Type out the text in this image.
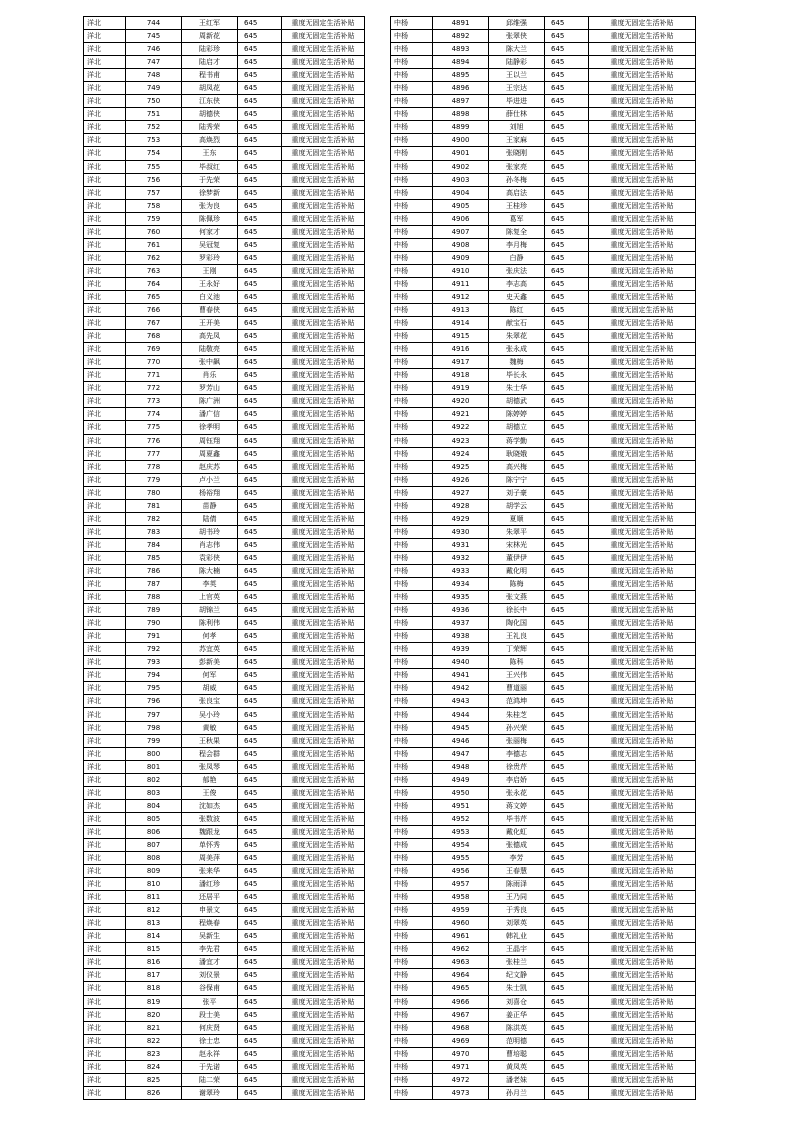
洋北	744	王红军	645	重度无固定生活补贴
洋北	745	周新花	645	重度无固定生活补贴
洋北	746	陆彩珍	645	重度无固定生活补贴
洋北	747	陆启才	645	重度无固定生活补贴
洋北	748	程书甫	645	重度无固定生活补贴
洋北	749	胡凤花	645	重度无固定生活补贴
洋北	750	江东侠	645	重度无固定生活补贴
洋北	751	胡德侠	645	重度无固定生活补贴
洋北	752	陆秀荣	645	重度无固定生活补贴
洋北	753	高焕烈	645	重度无固定生活补贴
洋北	754	王东	645	重度无固定生活补贴
洋北	755	毕叔红	645	重度无固定生活补贴
洋北	756	于先荣	645	重度无固定生活补贴
洋北	757	徐梦新	645	重度无固定生活补贴
洋北	758	张为良	645	重度无固定生活补贴
洋北	759	陈佩珍	645	重度无固定生活补贴
洋北	760	何家才	645	重度无固定生活补贴
洋北	761	吴冠复	645	重度无固定生活补贴
洋北	762	罗彩玲	645	重度无固定生活补贴
洋北	763	王刚	645	重度无固定生活补贴
洋北	764	王永好	645	重度无固定生活补贴
洋北	765	白义池	645	重度无固定生活补贴
洋北	766	曹春侠	645	重度无固定生活补贴
洋北	767	王开美	645	重度无固定生活补贴
洋北	768	高先凤	645	重度无固定生活补贴
洋北	769	陆敬亮	645	重度无固定生活补贴
洋北	770	张中飙	645	重度无固定生活补贴
洋北	771	肖乐	645	重度无固定生活补贴
洋北	772	罗芳山	645	重度无固定生活补贴
洋北	773	陈广洲	645	重度无固定生活补贴
洋北	774	潘广信	645	重度无固定生活补贴
洋北	775	徐孝明	645	重度无固定生活补贴
洋北	776	周钰翔	645	重度无固定生活补贴
洋北	777	周夏鑫	645	重度无固定生活补贴
洋北	778	赵庆苏	645	重度无固定生活补贴
洋北	779	卢小兰	645	重度无固定生活补贴
洋北	780	杨裕翔	645	重度无固定生活补贴
洋北	781	苗静	645	重度无固定生活补贴
洋北	782	陆倩	645	重度无固定生活补贴
洋北	783	胡书玲	645	重度无固定生活补贴
洋北	784	肖志伟	645	重度无固定生活补贴
洋北	785	袁彩侠	645	重度无固定生活补贴
洋北	786	陈大楠	645	重度无固定生活补贴
洋北	787	李英	645	重度无固定生活补贴
洋北	788	上官英	645	重度无固定生活补贴
洋北	789	胡锦兰	645	重度无固定生活补贴
洋北	790	陈利伟	645	重度无固定生活补贴
洋北	791	何孝	645	重度无固定生活补贴
洋北	792	苏宜英	645	重度无固定生活补贴
洋北	793	彭新美	645	重度无固定生活补贴
洋北	794	何军	645	重度无固定生活补贴
洋北	795	胡威	645	重度无固定生活补贴
洋北	796	张良宝	645	重度无固定生活补贴
洋北	797	吴小玲	645	重度无固定生活补贴
洋北	798	黄敏	645	重度无固定生活补贴
洋北	799	王秋果	645	重度无固定生活补贴
洋北	800	程会群	645	重度无固定生活补贴
洋北	801	张凤琴	645	重度无固定生活补贴
洋北	802	郁艳	645	重度无固定生活补贴
洋北	803	王俊	645	重度无固定生活补贴
洋北	804	沈如杰	645	重度无固定生活补贴
洋北	805	张数波	645	重度无固定生活补贴
洋北	806	魏跟龙	645	重度无固定生活补贴
洋北	807	单怀秀	645	重度无固定生活补贴
洋北	808	周美萍	645	重度无固定生活补贴
洋北	809	张来华	645	重度无固定生活补贴
洋北	810	潘红珍	645	重度无固定生活补贴
洋北	811	还居平	645	重度无固定生活补贴
洋北	812	申景文	645	重度无固定生活补贴
洋北	813	程焕春	645	重度无固定生活补贴
洋北	814	吴新生	645	重度无固定生活补贴
洋北	815	李先君	645	重度无固定生活补贴
洋北	816	潘宜才	645	重度无固定生活补贴
洋北	817	刘仪景	645	重度无固定生活补贴
洋北	818	谷保甫	645	重度无固定生活补贴
洋北	819	张平	645	重度无固定生活补贴
洋北	820	段士美	645	重度无固定生活补贴
洋北	821	何庆贤	645	重度无固定生活补贴
洋北	822	徐士忠	645	重度无固定生活补贴
洋北	823	赵永祥	645	重度无固定生活补贴
洋北	824	于先诺	645	重度无固定生活补贴
洋北	825	陆二荣	645	重度无固定生活补贴
洋北	826	谢翠玲	645	重度无固定生活补贴
中杨	4891	邱维强	645	重度无固定生活补贴
中杨	4892	张翠侠	645	重度无固定生活补贴
中杨	4893	陈大兰	645	重度无固定生活补贴
中杨	4894	陆静彩	645	重度无固定生活补贴
中杨	4895	王以兰	645	重度无固定生活补贴
中杨	4896	王宗达	645	重度无固定生活补贴
中杨	4897	毕进进	645	重度无固定生活补贴
中杨	4898	薛仕林	645	重度无固定生活补贴
中杨	4899	刘旭	645	重度无固定生活补贴
中杨	4900	王家麻	645	重度无固定生活补贴
中杨	4901	张晓刚	645	重度无固定生活补贴
中杨	4902	张家亮	645	重度无固定生活补贴
中杨	4903	孙冬梅	645	重度无固定生活补贴
中杨	4904	高启法	645	重度无固定生活补贴
中杨	4905	王桂珍	645	重度无固定生活补贴
中杨	4906	葛军	645	重度无固定生活补贴
中杨	4907	陈复全	645	重度无固定生活补贴
中杨	4908	李月梅	645	重度无固定生活补贴
中杨	4909	白静	645	重度无固定生活补贴
中杨	4910	张庆法	645	重度无固定生活补贴
中杨	4911	李志高	645	重度无固定生活补贴
中杨	4912	史天鑫	645	重度无固定生活补贴
中杨	4913	陈红	645	重度无固定生活补贴
中杨	4914	献宝石	645	重度无固定生活补贴
中杨	4915	朱翠花	645	重度无固定生活补贴
中杨	4916	张永成	645	重度无固定生活补贴
中杨	4917	魏梅	645	重度无固定生活补贴
中杨	4918	毕长永	645	重度无固定生活补贴
中杨	4919	朱士华	645	重度无固定生活补贴
中杨	4920	胡德武	645	重度无固定生活补贴
中杨	4921	陈婷婷	645	重度无固定生活补贴
中杨	4922	胡德立	645	重度无固定生活补贴
中杨	4923	蒋学勤	645	重度无固定生活补贴
中杨	4924	耿晓娥	645	重度无固定生活补贴
中杨	4925	高兴梅	645	重度无固定生活补贴
中杨	4926	陈宁宁	645	重度无固定生活补贴
中杨	4927	刘子豪	645	重度无固定生活补贴
中杨	4928	胡学云	645	重度无固定生活补贴
中杨	4929	夏顺	645	重度无固定生活补贴
中杨	4930	朱翠平	645	重度无固定生活补贴
中杨	4931	宋林光	645	重度无固定生活补贴
中杨	4932	董伊伊	645	重度无固定生活补贴
中杨	4933	戴化明	645	重度无固定生活补贴
中杨	4934	陈梅	645	重度无固定生活补贴
中杨	4935	张文燕	645	重度无固定生活补贴
中杨	4936	徐长中	645	重度无固定生活补贴
中杨	4937	陶化国	645	重度无固定生活补贴
中杨	4938	王礼良	645	重度无固定生活补贴
中杨	4939	丁荣辉	645	重度无固定生活补贴
中杨	4940	陈科	645	重度无固定生活补贴
中杨	4941	王兴伟	645	重度无固定生活补贴
中杨	4942	曹道丽	645	重度无固定生活补贴
中杨	4943	范鸿坤	645	重度无固定生活补贴
中杨	4944	朱桂芝	645	重度无固定生活补贴
中杨	4945	孙兴荣	645	重度无固定生活补贴
中杨	4946	张丽梅	645	重度无固定生活补贴
中杨	4947	李德志	645	重度无固定生活补贴
中杨	4948	徐贵芹	645	重度无固定生活补贴
中杨	4949	李启娇	645	重度无固定生活补贴
中杨	4950	张永花	645	重度无固定生活补贴
中杨	4951	蒋文婷	645	重度无固定生活补贴
中杨	4952	毕书芹	645	重度无固定生活补贴
中杨	4953	戴化虹	645	重度无固定生活补贴
中杨	4954	张德成	645	重度无固定生活补贴
中杨	4955	李芳	645	重度无固定生活补贴
中杨	4956	王春慧	645	重度无固定生活补贴
中杨	4957	陈雨泽	645	重度无固定生活补贴
中杨	4958	王乃同	645	重度无固定生活补贴
中杨	4959	于秀良	645	重度无固定生活补贴
中杨	4960	刘翠英	645	重度无固定生活补贴
中杨	4961	韩礼业	645	重度无固定生活补贴
中杨	4962	王晶宇	645	重度无固定生活补贴
中杨	4963	张桂兰	645	重度无固定生活补贴
中杨	4964	纪文静	645	重度无固定生活补贴
中杨	4965	朱士凯	645	重度无固定生活补贴
中杨	4966	刘喜仓	645	重度无固定生活补贴
中杨	4967	姜正华	645	重度无固定生活补贴
中杨	4968	陈洪英	645	重度无固定生活补贴
中杨	4969	范明德	645	重度无固定生活补贴
中杨	4970	曹培聪	645	重度无固定生活补贴
中杨	4971	黄凤英	645	重度无固定生活补贴
中杨	4972	潘老妹	645	重度无固定生活补贴
中杨	4973	孙月兰	645	重度无固定生活补贴
